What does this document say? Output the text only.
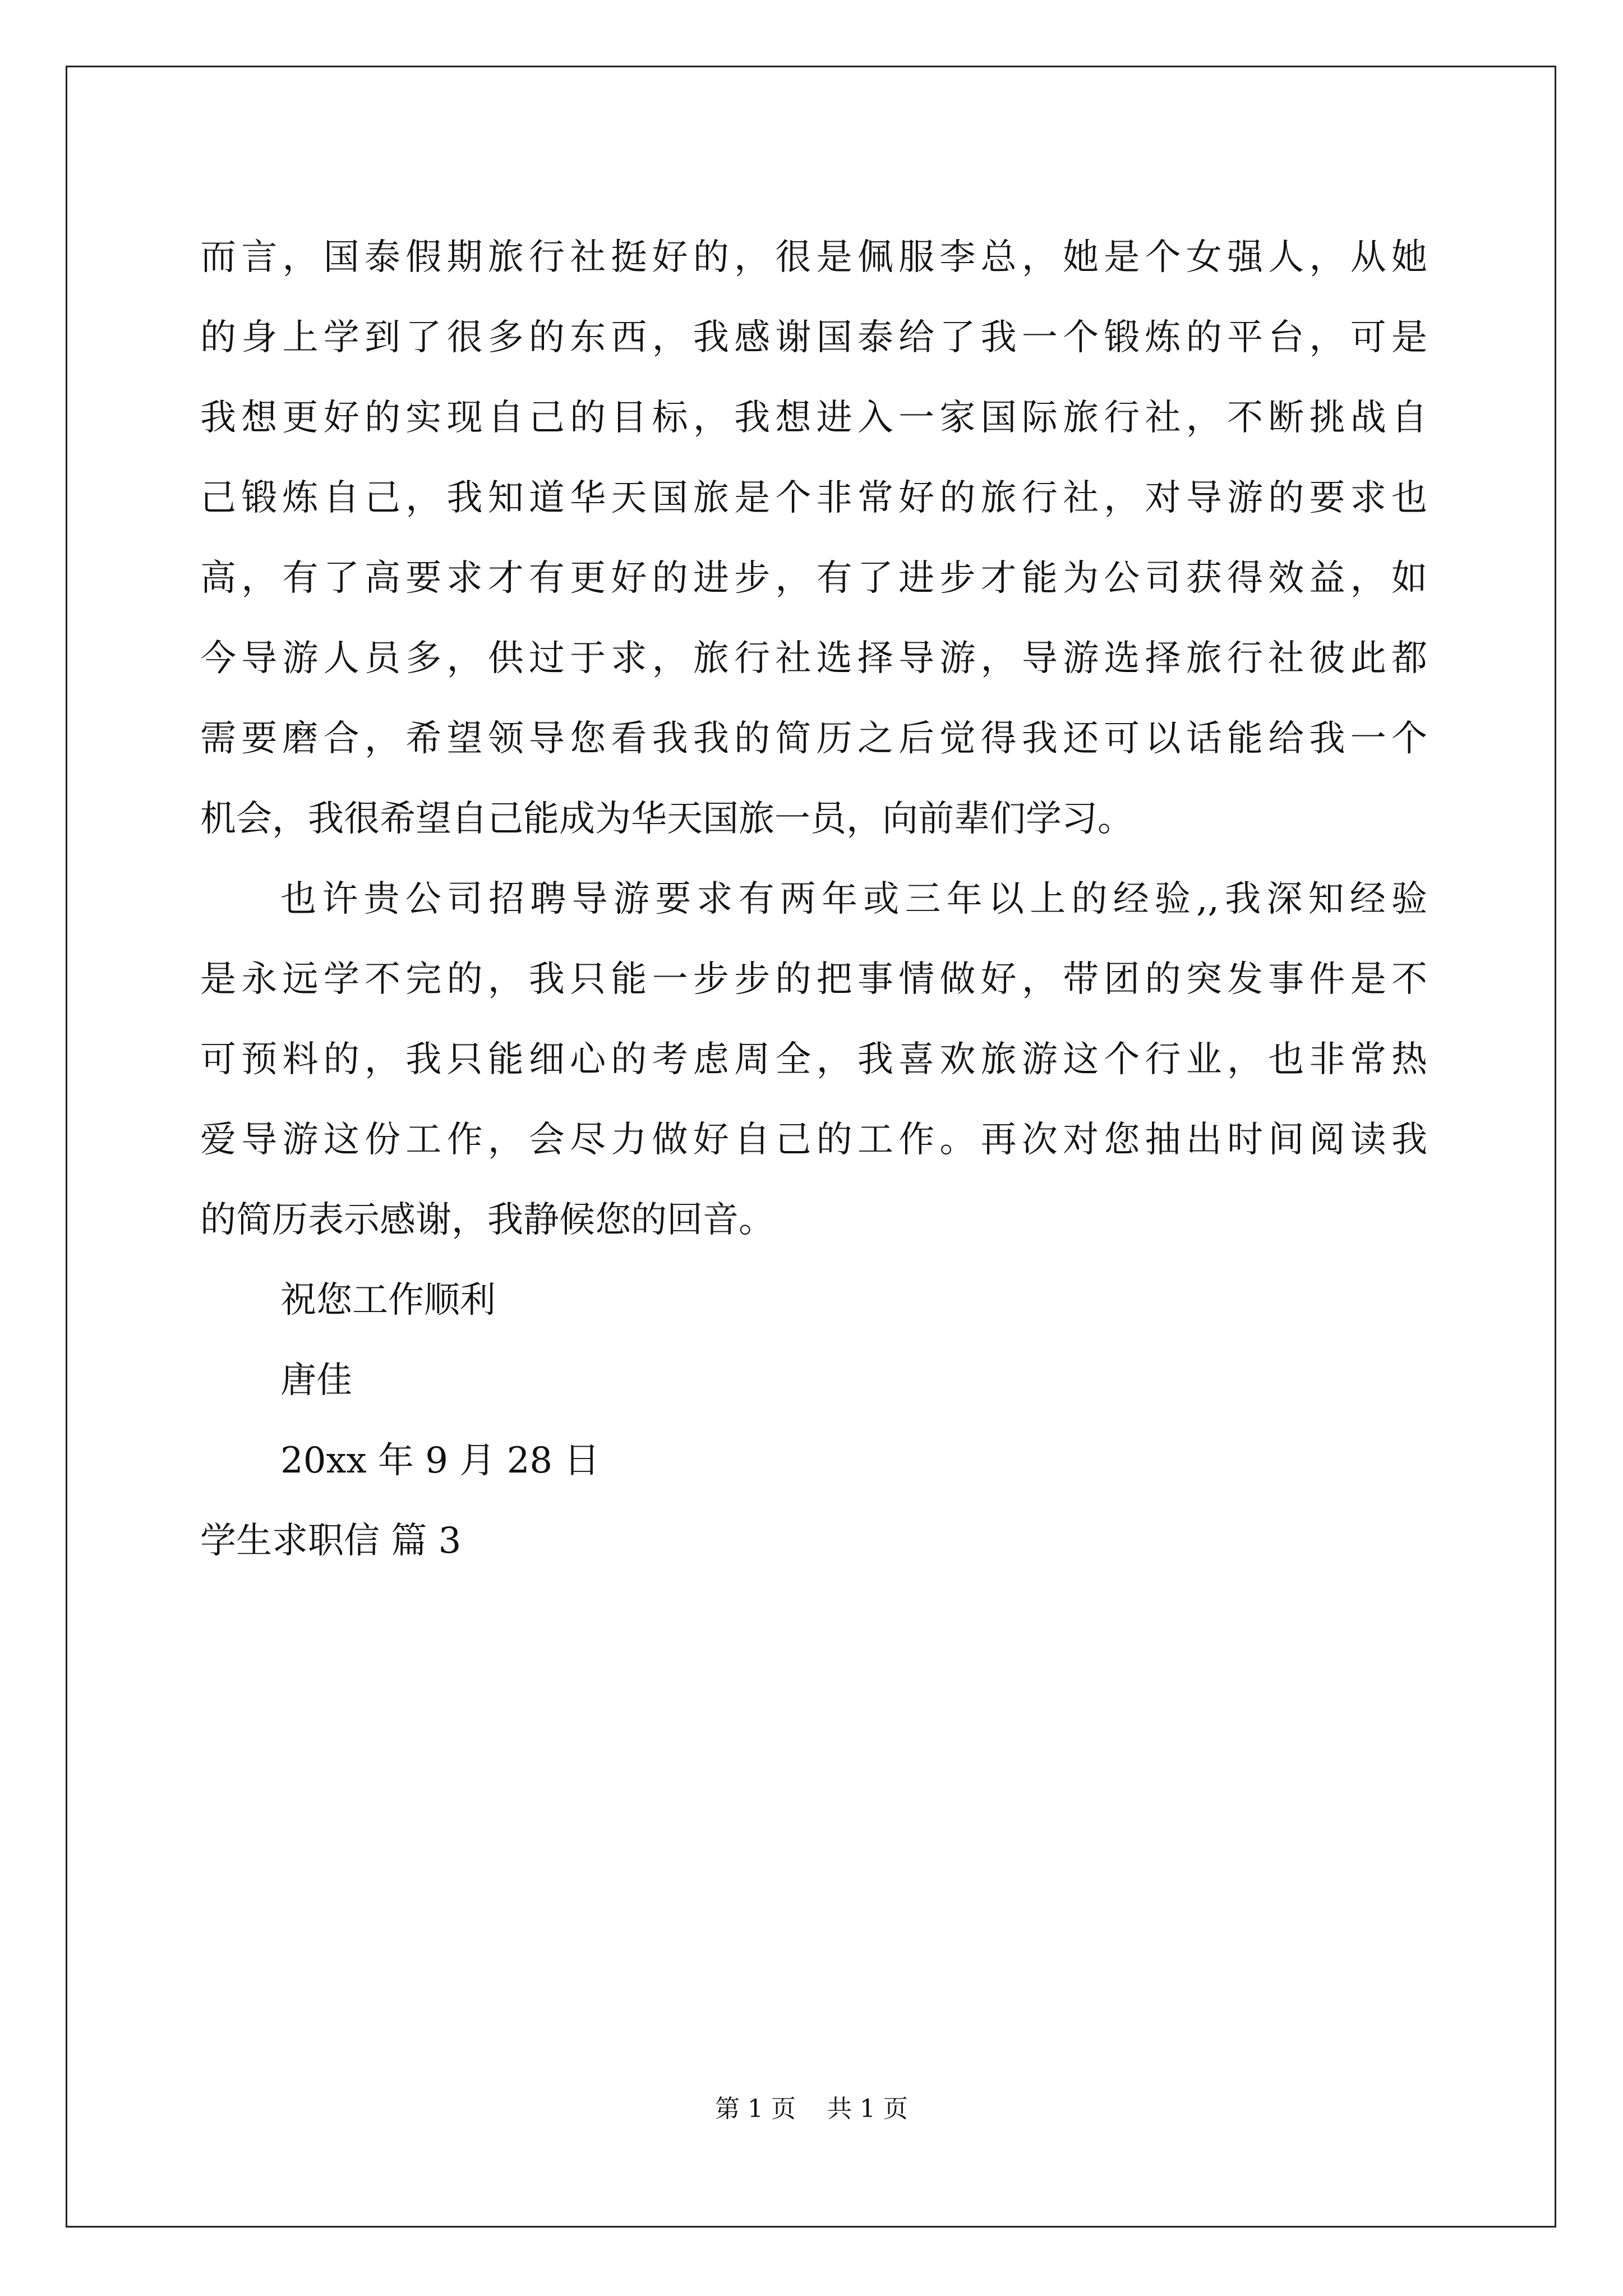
而言，国泰假期旅行社挺好的，很是佩服李总，她是个女强人，从她
的身上学到了很多的东西，我感谢国泰给了我一个锻炼的平台，可是
我想更好的实现自己的目标，我想进入一家国际旅行社，不断挑战自
己锻炼自己，我知道华天国旅是个非常好的旅行社，对导游的要求也
高，有了高要求才有更好的进步，有了进步才能为公司获得效益，如
今导游人员多，供过于求，旅行社选择导游，导游选择旅行社彼此都
需要磨合，希望领导您看我我的简历之后觉得我还可以话能给我一个
机会，我很希望自己能成为华天国旅一员，向前辈们学习。
也许贵公司招聘导游要求有两年或三年以上的经验,,我深知经验
是永远学不完的，我只能一步步的把事情做好，带团的突发事件是不
可预料的，我只能细心的考虑周全，我喜欢旅游这个行业，也非常热
爱导游这份工作，会尽力做好自己的工作。再次对您抽出时间阅读我
的简历表示感谢，我静候您的回音。
祝您工作顺利
唐佳
20xx 年 9 月 28 日
学生求职信 篇 3
第 1 页    共 1 页
